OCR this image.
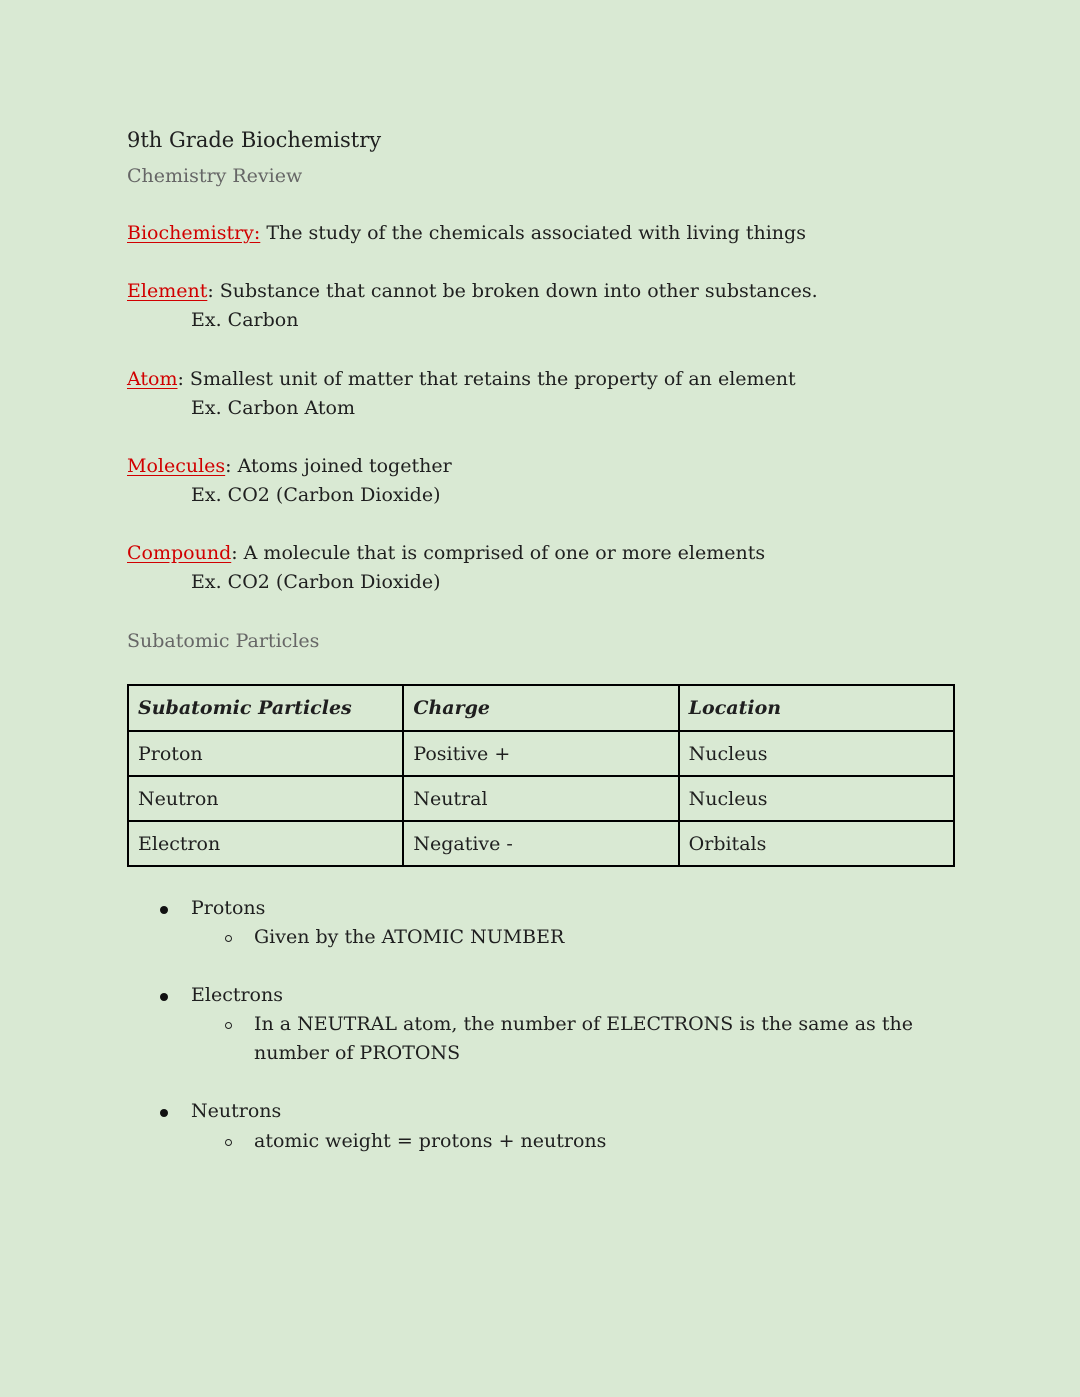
9th Grade Biochemistry
Chemistry Review
Biochemistry: The study of the chemicals associated with living things
Element: Substance that cannot be broken down into other substances.
Ex. Carbon
Atom: Smallest unit of matter that retains the property of an element
Ex. Carbon Atom
Molecules: Atoms joined together
Ex. CO2 (Carbon Dioxide)
Compound: A molecule that is comprised of one or more elements
Ex. CO2 (Carbon Dioxide)
Subatomic Particles
Subatomic Particles	Charge	Location
Proton	Positive +	Nucleus
Neutron	Neutral	Nucleus
Electron	Negative -	Orbitals
Protons
Given by the ATOMIC NUMBER
Electrons
In a NEUTRAL atom, the number of ELECTRONS is the same as the
number of PROTONS
Neutrons
atomic weight = protons + neutrons
